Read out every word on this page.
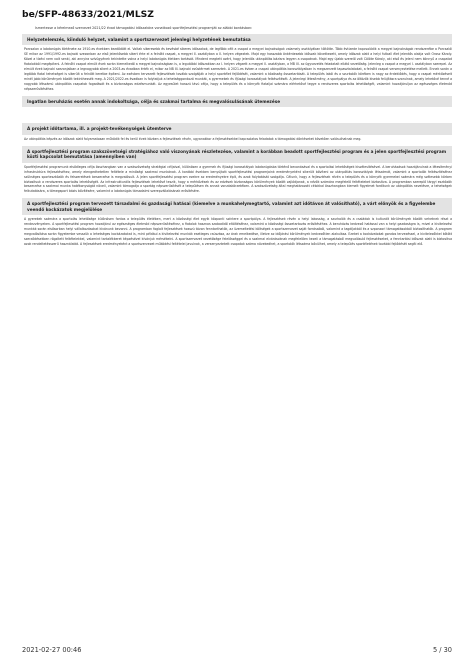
be/SFP-48633/2021/MLSZ
Ismertesse a kérelmező szervezet 2021/22 évad támogatási időszakára vonatkozó sportfejlesztési programját az alábbi bontásban:
Helyzetelemzés, kiinduló helyzet, valamint a sportszervezet jelenlegi helyzetének bemutatása
Porcsalon a labdarúgás története az 1910-es években kezdődött el. Voltak sikeresebb és kevésbé sikeres időszakok, de legfőbb célt a csapat a megyei bajnokságok valamely osztályában töltötte. Több évtizede kapcsolódik a megyei bajnokságok rendszerébe a Porcsalói SE mikor az 1991/1992-es bajnoki szezonban az első jelentősebb sikert érte el a felnőtt csapat, a megyei II. osztályban a II. helyen végeztek. Majd egy hosszabb önkéntesebb időszak következett, amely időszak alatt a helyi futball élet jelentős alakja volt Orosz Károly. Közel a tízévi nem volt senki, aki annyira szívügyének tekintette volna a helyi labdarúgás életben tartását. Mindent megtett azért, hogy jelentős utánpótlás bázisra legyen a csapatnak. Majd egy újabb szerelő volt Cölöte Károly, aki első és jelenl nem könnyű a csapatot fiatalokból megépíteni. A felnőtt csapat elmúlt évek során kiemelkedő a megyei bajnokságban is, a legutóbbi időszakban az I. helyen végzett a megyei II. osztályban, a MB III. az ügyvezetés feladatait ellátó vezetőség. Jelenleg a csapat a megyei I. osztályban szerepel. Az elmúlt évek bajnoki szezonjaiban a legnagyobb sikert a 2003-as évadban érték el, mikor az NB III. bajnoki ezüstérmet szereztek. A 2021-es évben a csapat utánpótlás korosztályaiban is megszerzett tapasztalatokat, a felnőtt csapat versenyeztetése mellett. Ennek során a legtöbb fiatal tehetséget is sikerült a felnőtt keretbe építeni. Az ezévben tervezett fejlesztések tovább szolgálják a helyi sportélet fejlődését, valamint a közösség összetartását. A település lakói és a szurkolók körében is nagy az érdeklődés, hogy a csapat mérkőzéseit minél jobb körülmények között tekinthessék meg. A 2021/2022-es évadban is folytatjuk a tehetséggondozó munkát, a gyermekek és ifjúsági korosztályok felkészítését. A jelenlegi létesítmény, a sportpálya és az öltözők kisebb felújításra szorulnak, amely lehetővé tenné a nagyobb létszámú utánpótlás csapatok fogadását és a biztonságos edzésmunkát. Az egyesület hosszú távú célja, hogy a település és a környék fiataljai számára elérhetővé tegye a rendszeres sportolás lehetőségét, valamint hozzájáruljon az egészséges életmód népszerűsítéséhez.
Ingatlan beruházás esetén annak indokoltsága, célja és szakmai tartalma és megvalósulásának ütemezése
A projekt időtartama, ill. a projekt-tevékenységek ütemterve
Az utánpótlás képzés az időszak alatt folyamatosan működik fel és kerül évek közben a fejlesztések révén, ugyanakkor a fejlesztésekkel kapcsolatos feladatok a támogatási döntéseket követően valósulhatnak meg.
A sportfejlesztési program szakszövetségi stratégiához való viszonyának részletezése, valamint a korábban beadott sportfejlesztési program és a jelen sportfejlesztési program közti kapcsolat bemutatása (amennyiben van)
Sportfejlesztési programunk elsődleges célja összhangban van a szakszövetség stratégiai céljaival, különösen a gyermek és ifjúsági korosztályok labdarúgásba történő bevonásával és a sportolási lehetőségek kiszélesítésével. A beruházások hozzájárulnak a létesítményi infrastruktúra fejlesztéséhez, amely elengedhetetlen feltétele a minőségi szakmai munkának. A korábbi években benyújtott sportfejlesztési programjaink eredményeként sikerült bővíteni az utánpótlás korosztályok létszámát, valamint a sportolók felkészítéséhez szükséges sporteszközök és felszerelések beszerzése is megvalósult. A jelen sportfejlesztési program ezekre az eredményekre épít, és azok folytatását szolgálja. Célunk, hogy a fejlesztések révén a település és a környék gyermekei számára még szélesebb körben biztosítsuk a rendszeres sportolás lehetőségét. Az infrastrukturális fejlesztések lehetővé teszik, hogy a mérkőzések és az edzések biztonságos körülmények között zajlódjanak, a nézők számára megfelelő feltételeket biztosítva. A programban szereplő tárgyi eszközök beszerzése a szakmai munka hatékonyságát növeli, valamint támogatja a sportág népszerűsítését a településen és annak vonzáskörzetében. A szakszövetség által meghatározott célokkal összhangban kiemelt figyelmet fordítunk az utánpótlás nevelésre, a tehetségek felkutatására, a tömegsport bázis bővítésére, valamint a labdarúgás társadalmi szerepvállalásának erősítésére.
A sportfejlesztési program tervezett társadalmi és gazdasági hatásai (kiemelve a munkahelymegtartó, valamint azt időtávon át valósítható), a várt előnyök és a figyelembe veendő kockázatok megjelölése
A gyerekek számára a sportolás lehetősége különösen fontos a település életében, mert a közösségi élet egyik központi színtere a sportpálya. A fejlesztések révén a helyi lakosság, a szurkolók és a családok is kulturált körülmények között vehetnek részt a rendezvényeken. A sportfejlesztési program hozzájárul az egészséges életmód népszerűsítéséhez, a fiatalok hasznos szabadidő eltöltéséhez, valamint a közösségi összetartozás erősítéséhez. A beruházás kedvező hatással van a helyi gazdaságra is, mivel a kivitelezési munkák során elsősorban helyi vállalkozásokat kívánunk bevonni. A programban foglalt fejlesztések hosszú távon fenntarthatók, az üzemeltetési költségek a sportszervezet saját forrásaiból, valamint a tagdíjakból és a szponzori támogatásokból biztosíthatók. A program megvalósítása során figyelembe vesszük a lehetséges kockázatokat is, mint például a kivitelezési munkák esetleges csúszása, az árak emelkedése, illetve az időjárási körülmények kedvezőtlen alakulása. Ezeket a kockázatokat gondos tervezéssel, a kivitelezőkkel kötött szerződésekben rögzített feltételekkel, valamint tartalékkeret képzésével kívánjuk mérsékelni. A sportszervezet vezetősége felelősséggel és a szakmai elvárásoknak megfelelően kezeli a támogatásból megvalósuló fejlesztéseket, a fenntartási időszak alatt is biztosítva azok rendeltetésszerű használatát. A fejlesztések eredményeként a sportszervezet működési feltételei javulnak, a versenyeztetett csapatok száma növekedhet, a sportolók létszáma bővülhet, amely a település sportéletének további fejlődését segíti elő.
2021-02-27 00:46	5 / 30
